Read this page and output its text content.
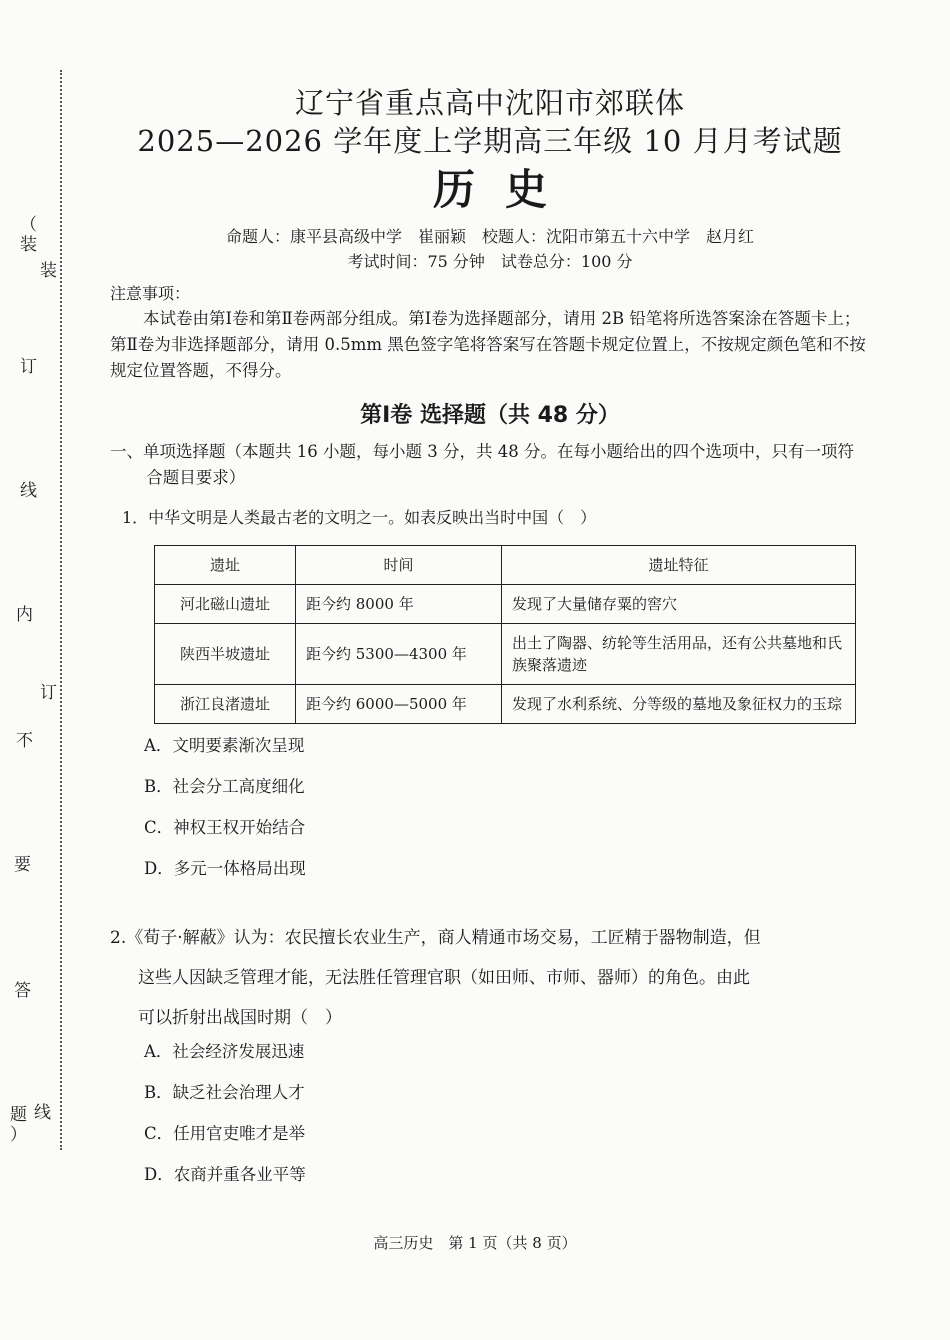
（
装
订
线
内
不
要
答
题
）
装
订
线
辽宁省重点高中沈阳市郊联体
2025—2026 学年度上学期高三年级 10 月月考试题
历史
命题人：康平县高级中学　崔丽颖　校题人：沈阳市第五十六中学　赵月红
考试时间：75 分钟　试卷总分：100 分
注意事项：

本试卷由第Ⅰ卷和第Ⅱ卷两部分组成。第Ⅰ卷为选择题部分，请用 2B 铅笔将所选答案涂在答题卡上；第Ⅱ卷为非选择题部分，请用 0.5mm 黑色签字笔将答案写在答题卡规定位置上，不按规定颜色笔和不按规定位置答题，不得分。

第Ⅰ卷 选择题（共 48 分）

一、单项选择题（本题共 16 小题，每小题 3 分，共 48 分。在每小题给出的四个选项中，只有一项符合题目要求）

1．中华文明是人类最古老的文明之一。如表反映出当时中国（　）
遗址	时间	遗址特征
河北磁山遗址	距今约 8000 年	发现了大量储存粟的窖穴
陕西半坡遗址	距今约 5300—4300 年	出土了陶器、纺轮等生活用品，还有公共墓地和氏族聚落遗迹
浙江良渚遗址	距今约 6000—5000 年	发现了水利系统、分等级的墓地及象征权力的玉琮
A．文明要素渐次呈现
B．社会分工高度细化
C．神权王权开始结合
D．多元一体格局出现
2.《荀子·解蔽》认为：农民擅长农业生产，商人精通市场交易，工匠精于器物制造，但
这些人因缺乏管理才能，无法胜任管理官职（如田师、市师、器师）的角色。由此
可以折射出战国时期（　）
A．社会经济发展迅速
B．缺乏社会治理人才
C．任用官吏唯才是举
D．农商并重各业平等
高三历史　第 1 页（共 8 页）
